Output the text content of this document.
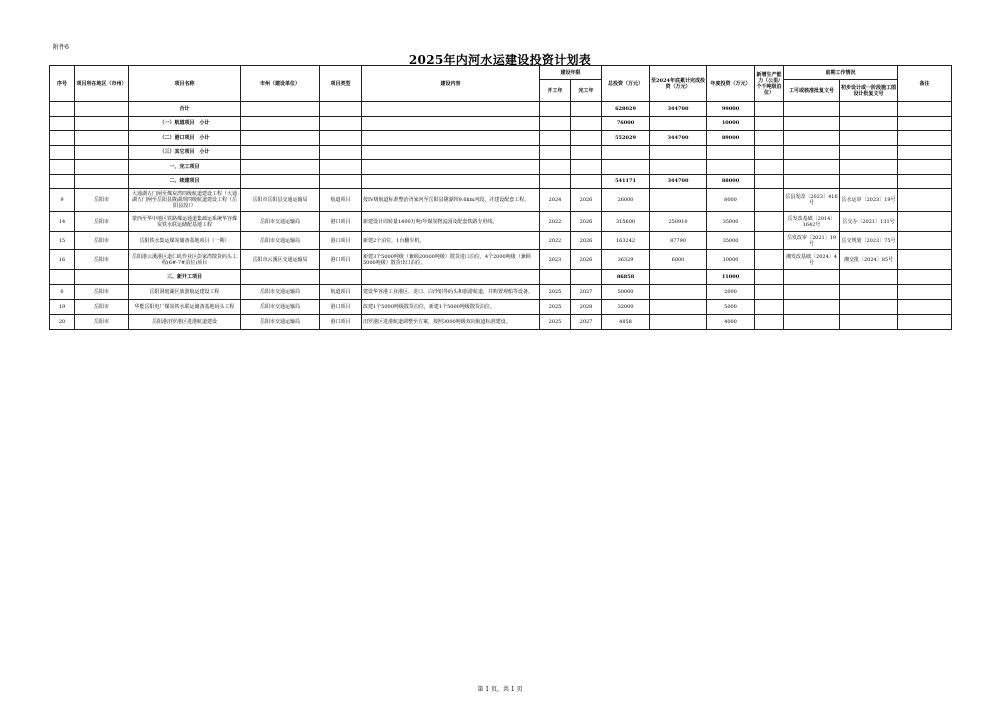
附件6
2025年内河水运建设投资计划表
序号	项目所在地区（市州）	项目名称	市州（建设单位）	项目类型	建设内容	建设年限		总投资（万元）	至2024年底累计完成投资（万元）	年度投资（万元）	新增生产能力（公里/个千吨级泊位）	前期工作情况		备注
						开工年	完工年					工可或核准批复文号	初步设计或一阶段施工图设计批复文号	
		合计						628029	344700	99000				
		（一）航道项目　小计						76000		10000				
		（二）港口项目　小计						552029	344700	89000				
		（三）其它项目　小计												
		一、完工项目												
		二、续建项目						541171	344700	88000				
9	岳阳市	大通湖五门闸至煤炭湾四级航道建设工程（大通湖五门闸至岳阳县陇湖坝四级航道建设工程（岳阳县段））	岳阳市岳阳县交通运输局	航道项目	按IV级航道标准整治胥家河至岳阳县陇湖坝9.6km河段，并建设配套工程。	2024	2026	26000		8000		岳县发改〔2023〕416号	岳水运审〔2023〕19号	
14	岳阳市	蒙西至华中地区铁路煤运通道集疏运系统华容煤炭铁水联运储配基地工程	岳阳市交通运输局	港口项目	新建设计周转量1400万吨/年煤炭物流园及配套铁路专用线。	2022	2026	315600	250910	35000		岳发改基础〔2014〕1642号	岳交办〔2021〕131号	
15	岳阳市	岳阳铁水集运煤炭储备基地项目（一期）	岳阳市交通运输局	港口项目	新建2个泊位，1台翻车机。	2022	2026	163242	87790	35000		岳发改审〔2021〕19号	岳交规划〔2023〕75号	
16	岳阳市	岳阳港云溪港区道仁矶作业区彭家湾散货码头工程(6#-7#泊位)项目	岳阳市云溪区交通运输局	港口项目	新建3个5000吨级（兼顾20000吨级）散货进口泊位，4个2000吨级（兼顾5000吨级）散货出口泊位。	2023	2026	36329	6000	10000		湘发改基础〔2024〕4号	湘交批〔2024〕85号	
		三、新开工项目						86858		11000				
6	岳阳市	岳阳洞庭湖区旅游航运建设工程	岳阳市交通运输局	航道项目	建设华容港工业港区、龙口、白沙铝等码头和旅游航道，并购置观船等设备。	2025	2027	50000		2000				
19	岳阳市	华能岳阳电厂煤炭铁水联运储备基地码头工程	岳阳市交通运输局	港口项目	改建1个5000吨级散货泊位，新建1个5000吨级散货泊位。	2025	2028	32000		5000				
20	岳阳市	岳阳港汨罗港区进港航道建设	岳阳市交通运输局	港口项目	汨罗港区进港航道调整至方案，按照3000吨级双向航道标准建设。	2025	2027	4858		4000				
第 1 页，共 1 页
